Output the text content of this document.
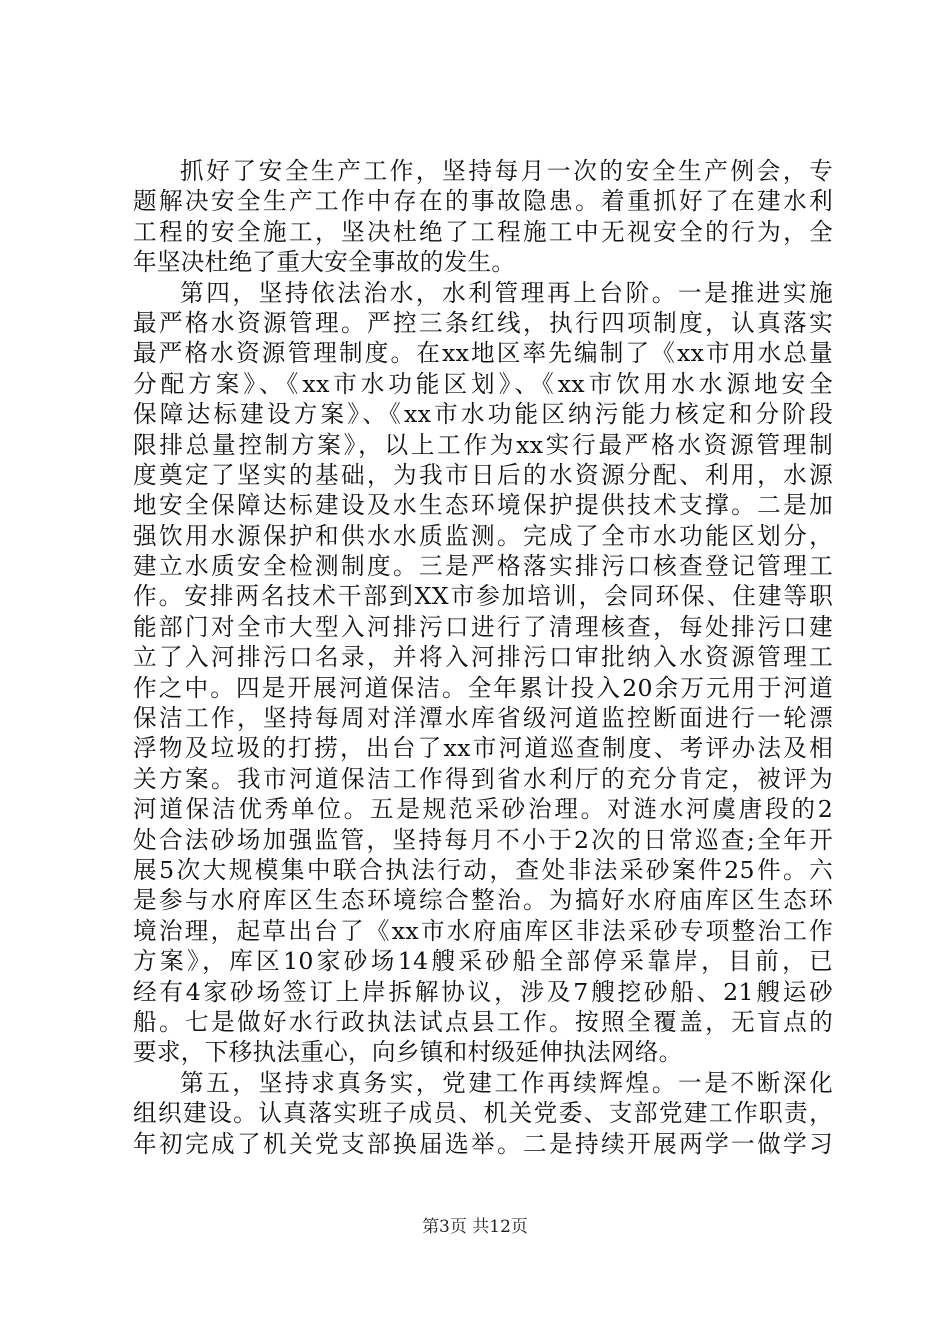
抓好了安全生产工作，坚持每月一次的安全生产例会，专
题解决安全生产工作中存在的事故隐患。着重抓好了在建水利
工程的安全施工，坚决杜绝了工程施工中无视安全的行为，全
年坚决杜绝了重大安全事故的发生。
第四，坚持依法治水，水利管理再上台阶。一是推进实施
最严格水资源管理。严控三条红线，执行四项制度，认真落实
最严格水资源管理制度。在xx地区率先编制了《xx市用水总量
分配方案》、《xx市水功能区划》、《xx市饮用水水源地安全
保障达标建设方案》、《xx市水功能区纳污能力核定和分阶段
限排总量控制方案》，以上工作为xx实行最严格水资源管理制
度奠定了坚实的基础，为我市日后的水资源分配、利用，水源
地安全保障达标建设及水生态环境保护提供技术支撑。二是加
强饮用水源保护和供水水质监测。完成了全市水功能区划分，
建立水质安全检测制度。三是严格落实排污口核查登记管理工
作。安排两名技术干部到XX市参加培训，会同环保、住建等职
能部门对全市大型入河排污口进行了清理核查，每处排污口建
立了入河排污口名录，并将入河排污口审批纳入水资源管理工
作之中。四是开展河道保洁。全年累计投入20余万元用于河道
保洁工作，坚持每周对洋潭水库省级河道监控断面进行一轮漂
浮物及垃圾的打捞，出台了xx市河道巡查制度、考评办法及相
关方案。我市河道保洁工作得到省水利厅的充分肯定，被评为
河道保洁优秀单位。五是规范采砂治理。对涟水河虞唐段的2
处合法砂场加强监管，坚持每月不小于2次的日常巡查;全年开
展5次大规模集中联合执法行动，查处非法采砂案件25件。六
是参与水府库区生态环境综合整治。为搞好水府庙库区生态环
境治理，起草出台了《xx市水府庙库区非法采砂专项整治工作
方案》，库区10家砂场14艘采砂船全部停采靠岸，目前，已
经有4家砂场签订上岸拆解协议，涉及7艘挖砂船、21艘运砂
船。七是做好水行政执法试点县工作。按照全覆盖，无盲点的
要求，下移执法重心，向乡镇和村级延伸执法网络。
第五，坚持求真务实，党建工作再续辉煌。一是不断深化
组织建设。认真落实班子成员、机关党委、支部党建工作职责，
年初完成了机关党支部换届选举。二是持续开展两学一做学习
第3页 共12页
